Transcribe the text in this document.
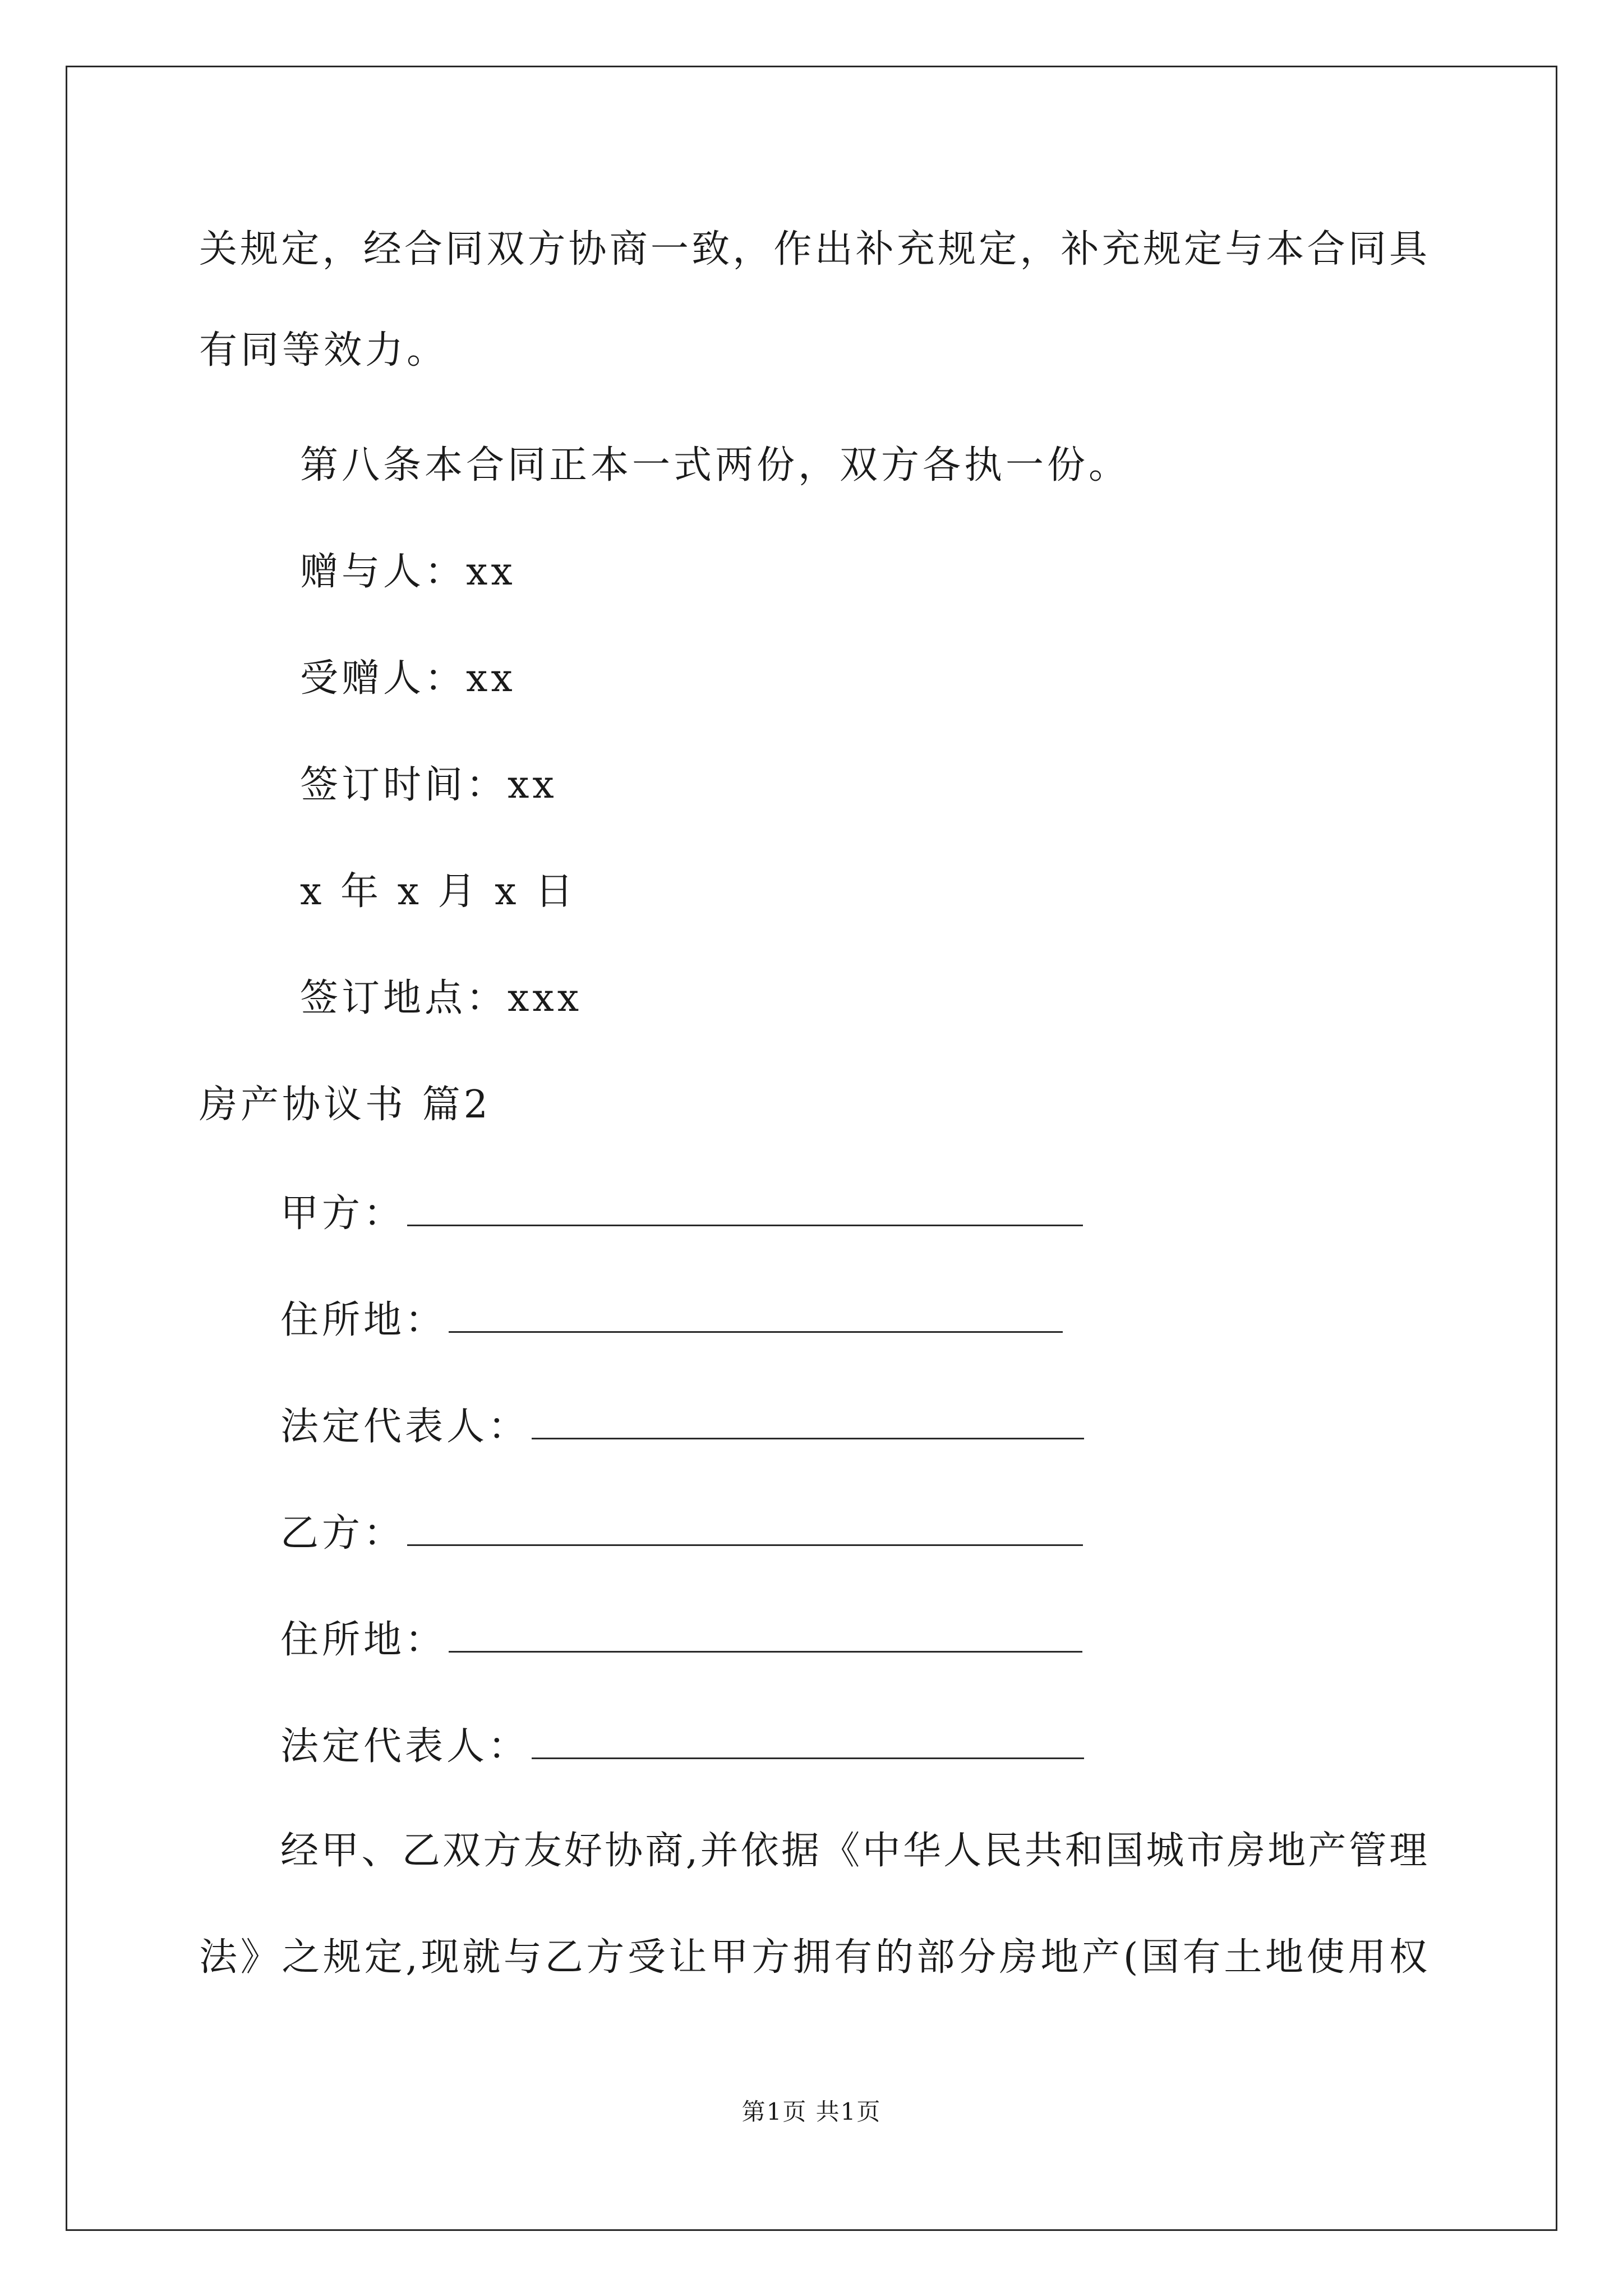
关规定，经合同双方协商一致，作出补充规定，补充规定与本合同具
有同等效力。
第八条本合同正本一式两份，双方各执一份。
赠与人：xx
受赠人：xx
签订时间：xx
x 年 x 月 x 日
签订地点：xxx
房产协议书 篇2
甲方：
住所地：
法定代表人：
乙方：
住所地：
法定代表人：
经甲、乙双方友好协商,并依据《中华人民共和国城市房地产管理
法》之规定,现就与乙方受让甲方拥有的部分房地产(国有土地使用权
第1页 共1页
